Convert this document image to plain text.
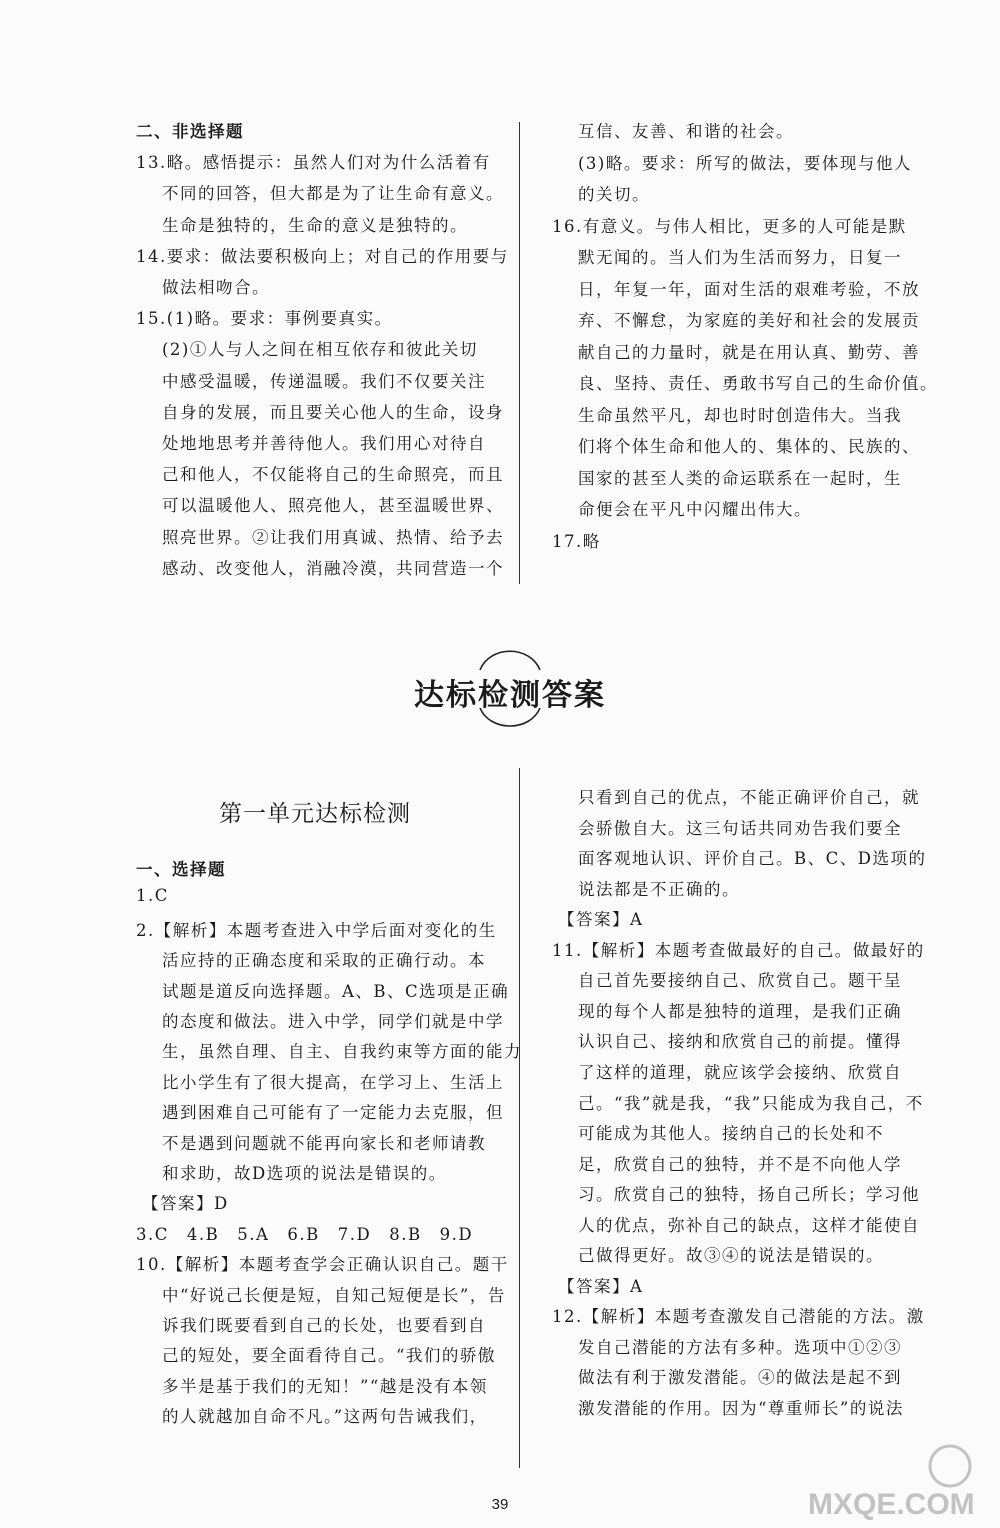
二、非选择题
13.略。感悟提示：虽然人们对为什么活着有
不同的回答，但大都是为了让生命有意义。
生命是独特的，生命的意义是独特的。
14.要求：做法要积极向上；对自己的作用要与
做法相吻合。
15.(1)略。要求：事例要真实。
(2)①人与人之间在相互依存和彼此关切
中感受温暖，传递温暖。我们不仅要关注
自身的发展，而且要关心他人的生命，设身
处地地思考并善待他人。我们用心对待自
己和他人，不仅能将自己的生命照亮，而且
可以温暖他人、照亮他人，甚至温暖世界、
照亮世界。②让我们用真诚、热情、给予去
感动、改变他人，消融冷漠，共同营造一个
互信、友善、和谐的社会。
(3)略。要求：所写的做法，要体现与他人
的关切。
16.有意义。与伟人相比，更多的人可能是默
默无闻的。当人们为生活而努力，日复一
日，年复一年，面对生活的艰难考验，不放
弃、不懈怠，为家庭的美好和社会的发展贡
献自己的力量时，就是在用认真、勤劳、善
良、坚持、责任、勇敢书写自己的生命价值。
生命虽然平凡，却也时时创造伟大。当我
们将个体生命和他人的、集体的、民族的、
国家的甚至人类的命运联系在一起时，生
命便会在平凡中闪耀出伟大。
17.略
达标检测答案
第一单元达标检测
一、选择题
1.C
2.【解析】本题考查进入中学后面对变化的生
活应持的正确态度和采取的正确行动。本
试题是道反向选择题。A、B、C选项是正确
的态度和做法。进入中学，同学们就是中学
生，虽然自理、自主、自我约束等方面的能力
比小学生有了很大提高，在学习上、生活上
遇到困难自己可能有了一定能力去克服，但
不是遇到问题就不能再向家长和老师请教
和求助，故D选项的说法是错误的。
【答案】D
3.C　4.B　5.A　6.B　7.D　8.B　9.D
10.【解析】本题考查学会正确认识自己。题干
中“好说己长便是短，自知己短便是长”，告
诉我们既要看到自己的长处，也要看到自
己的短处，要全面看待自己。“我们的骄傲
多半是基于我们的无知！”“越是没有本领
的人就越加自命不凡。”这两句告诫我们，
只看到自己的优点，不能正确评价自己，就
会骄傲自大。这三句话共同劝告我们要全
面客观地认识、评价自己。B、C、D选项的
说法都是不正确的。
【答案】A
11.【解析】本题考查做最好的自己。做最好的
自己首先要接纳自己、欣赏自己。题干呈
现的每个人都是独特的道理，是我们正确
认识自己、接纳和欣赏自己的前提。懂得
了这样的道理，就应该学会接纳、欣赏自
己。“我”就是我，“我”只能成为我自己，不
可能成为其他人。接纳自己的长处和不
足，欣赏自己的独特，并不是不向他人学
习。欣赏自己的独特，扬自己所长；学习他
人的优点，弥补自己的缺点，这样才能使自
己做得更好。故③④的说法是错误的。
【答案】A
12.【解析】本题考查激发自己潜能的方法。激
发自己潜能的方法有多种。选项中①②③
做法有利于激发潜能。④的做法是起不到
激发潜能的作用。因为“尊重师长”的说法
39	MXQE.COM
